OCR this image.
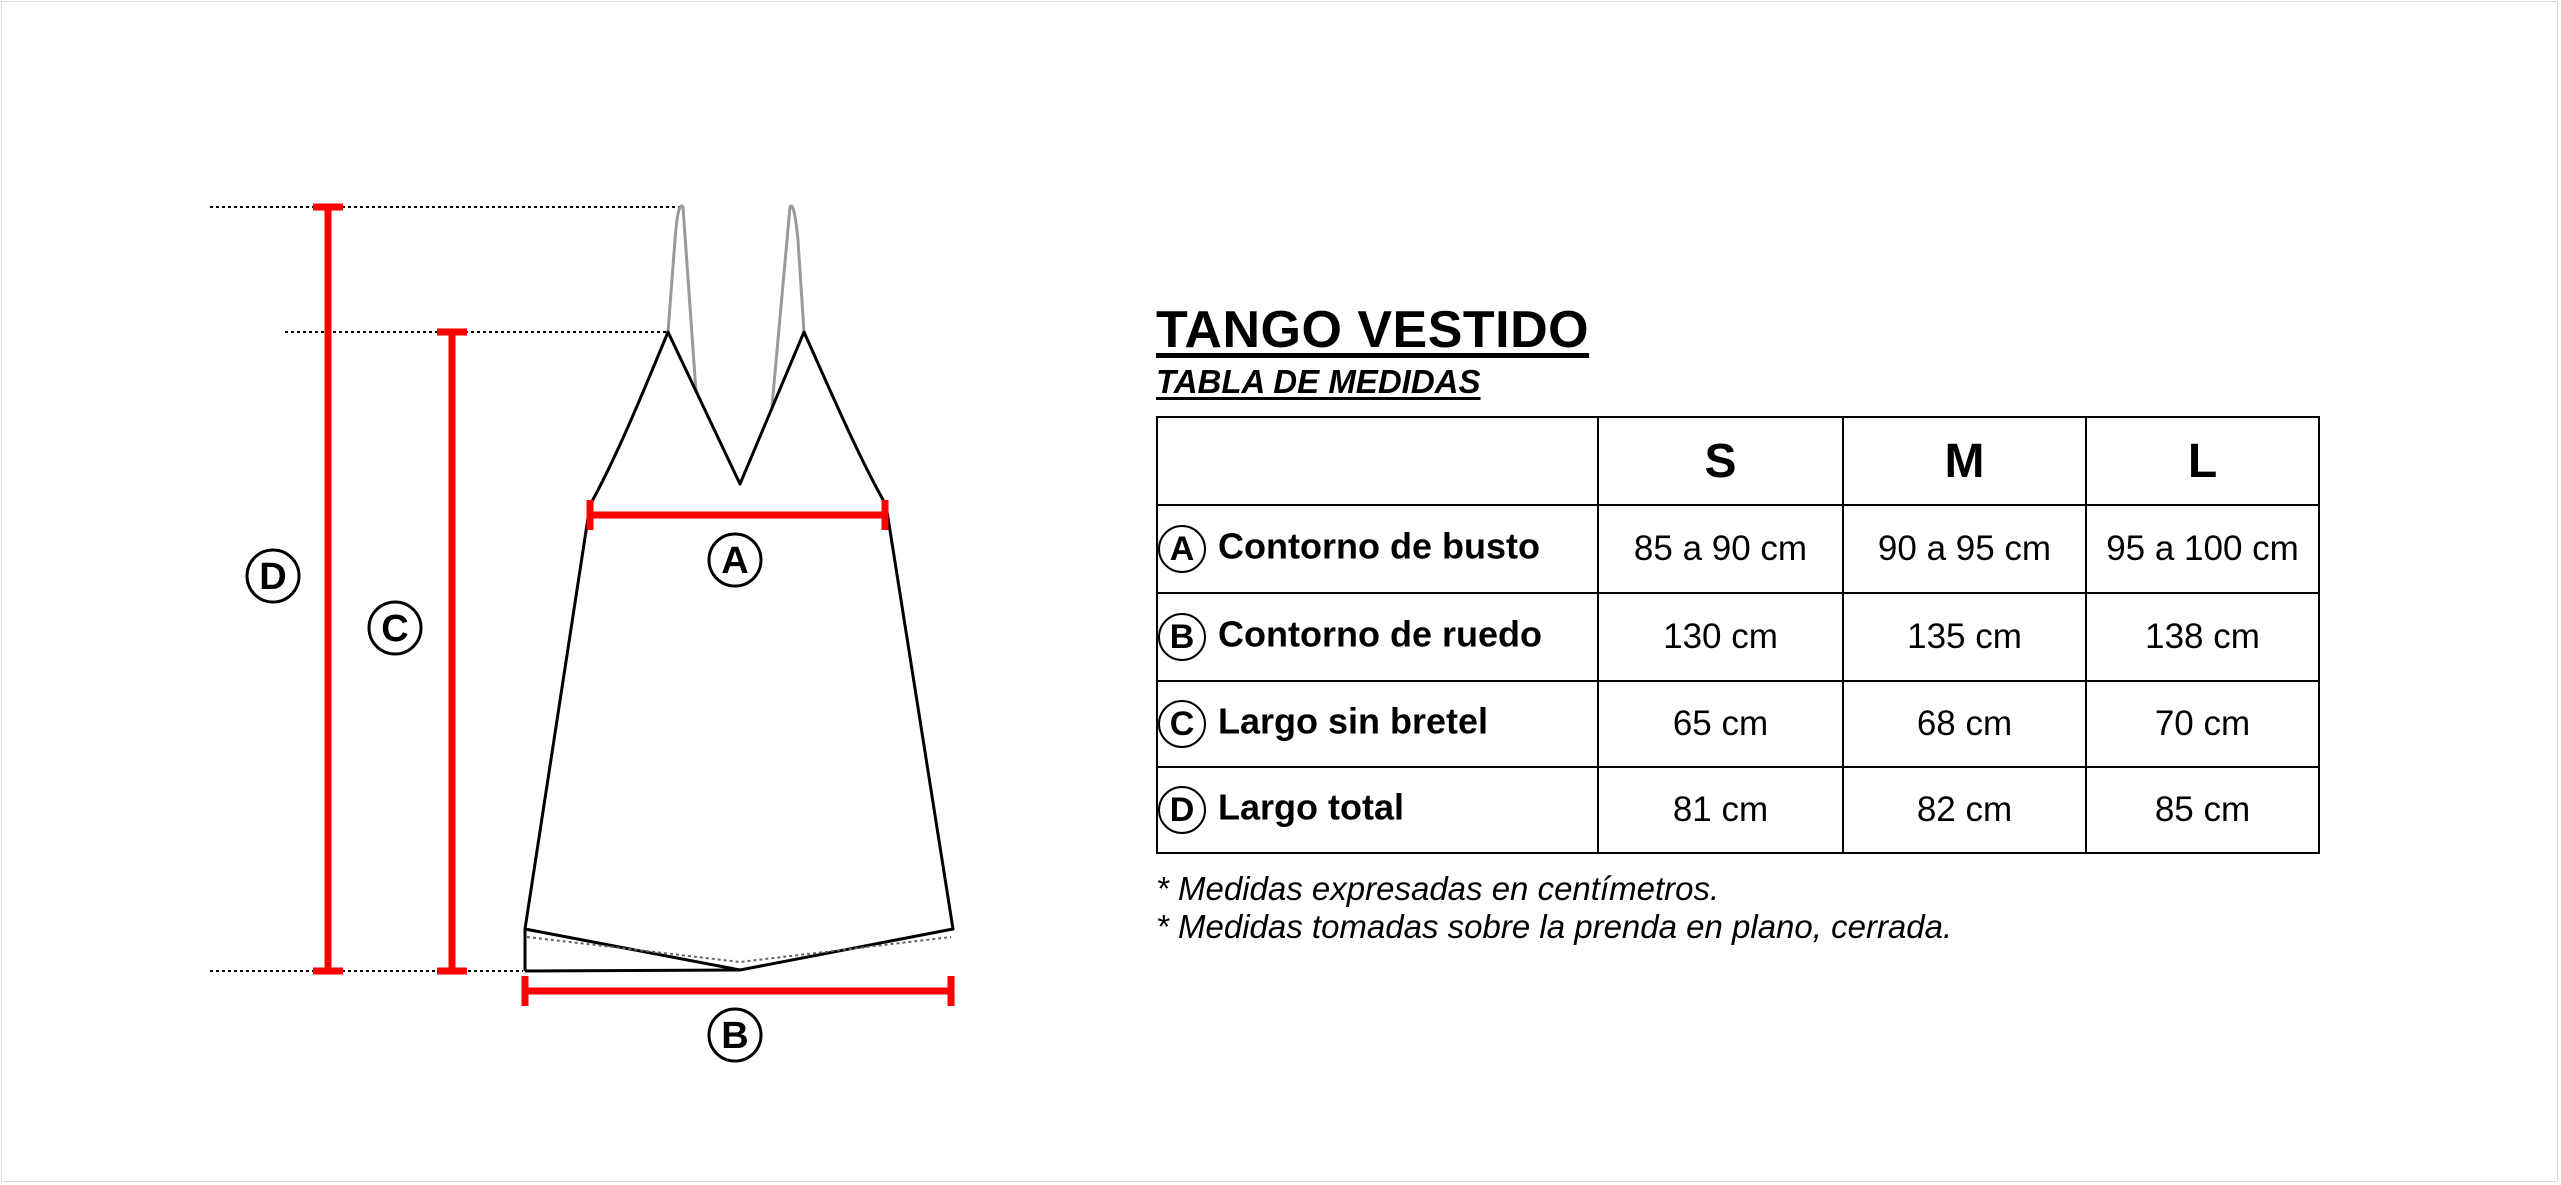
A
B
C
D
TANGO VESTIDO
TABLA DE MEDIDAS
	S	M	L
A Contorno de busto	85 a 90 cm	90 a 95 cm	95 a 100 cm
B Contorno de ruedo	130 cm	135 cm	138 cm
C Largo sin bretel	65 cm	68 cm	70 cm
D Largo total	81 cm	82 cm	85 cm
* Medidas expresadas en centímetros.
* Medidas tomadas sobre la prenda en plano, cerrada.
